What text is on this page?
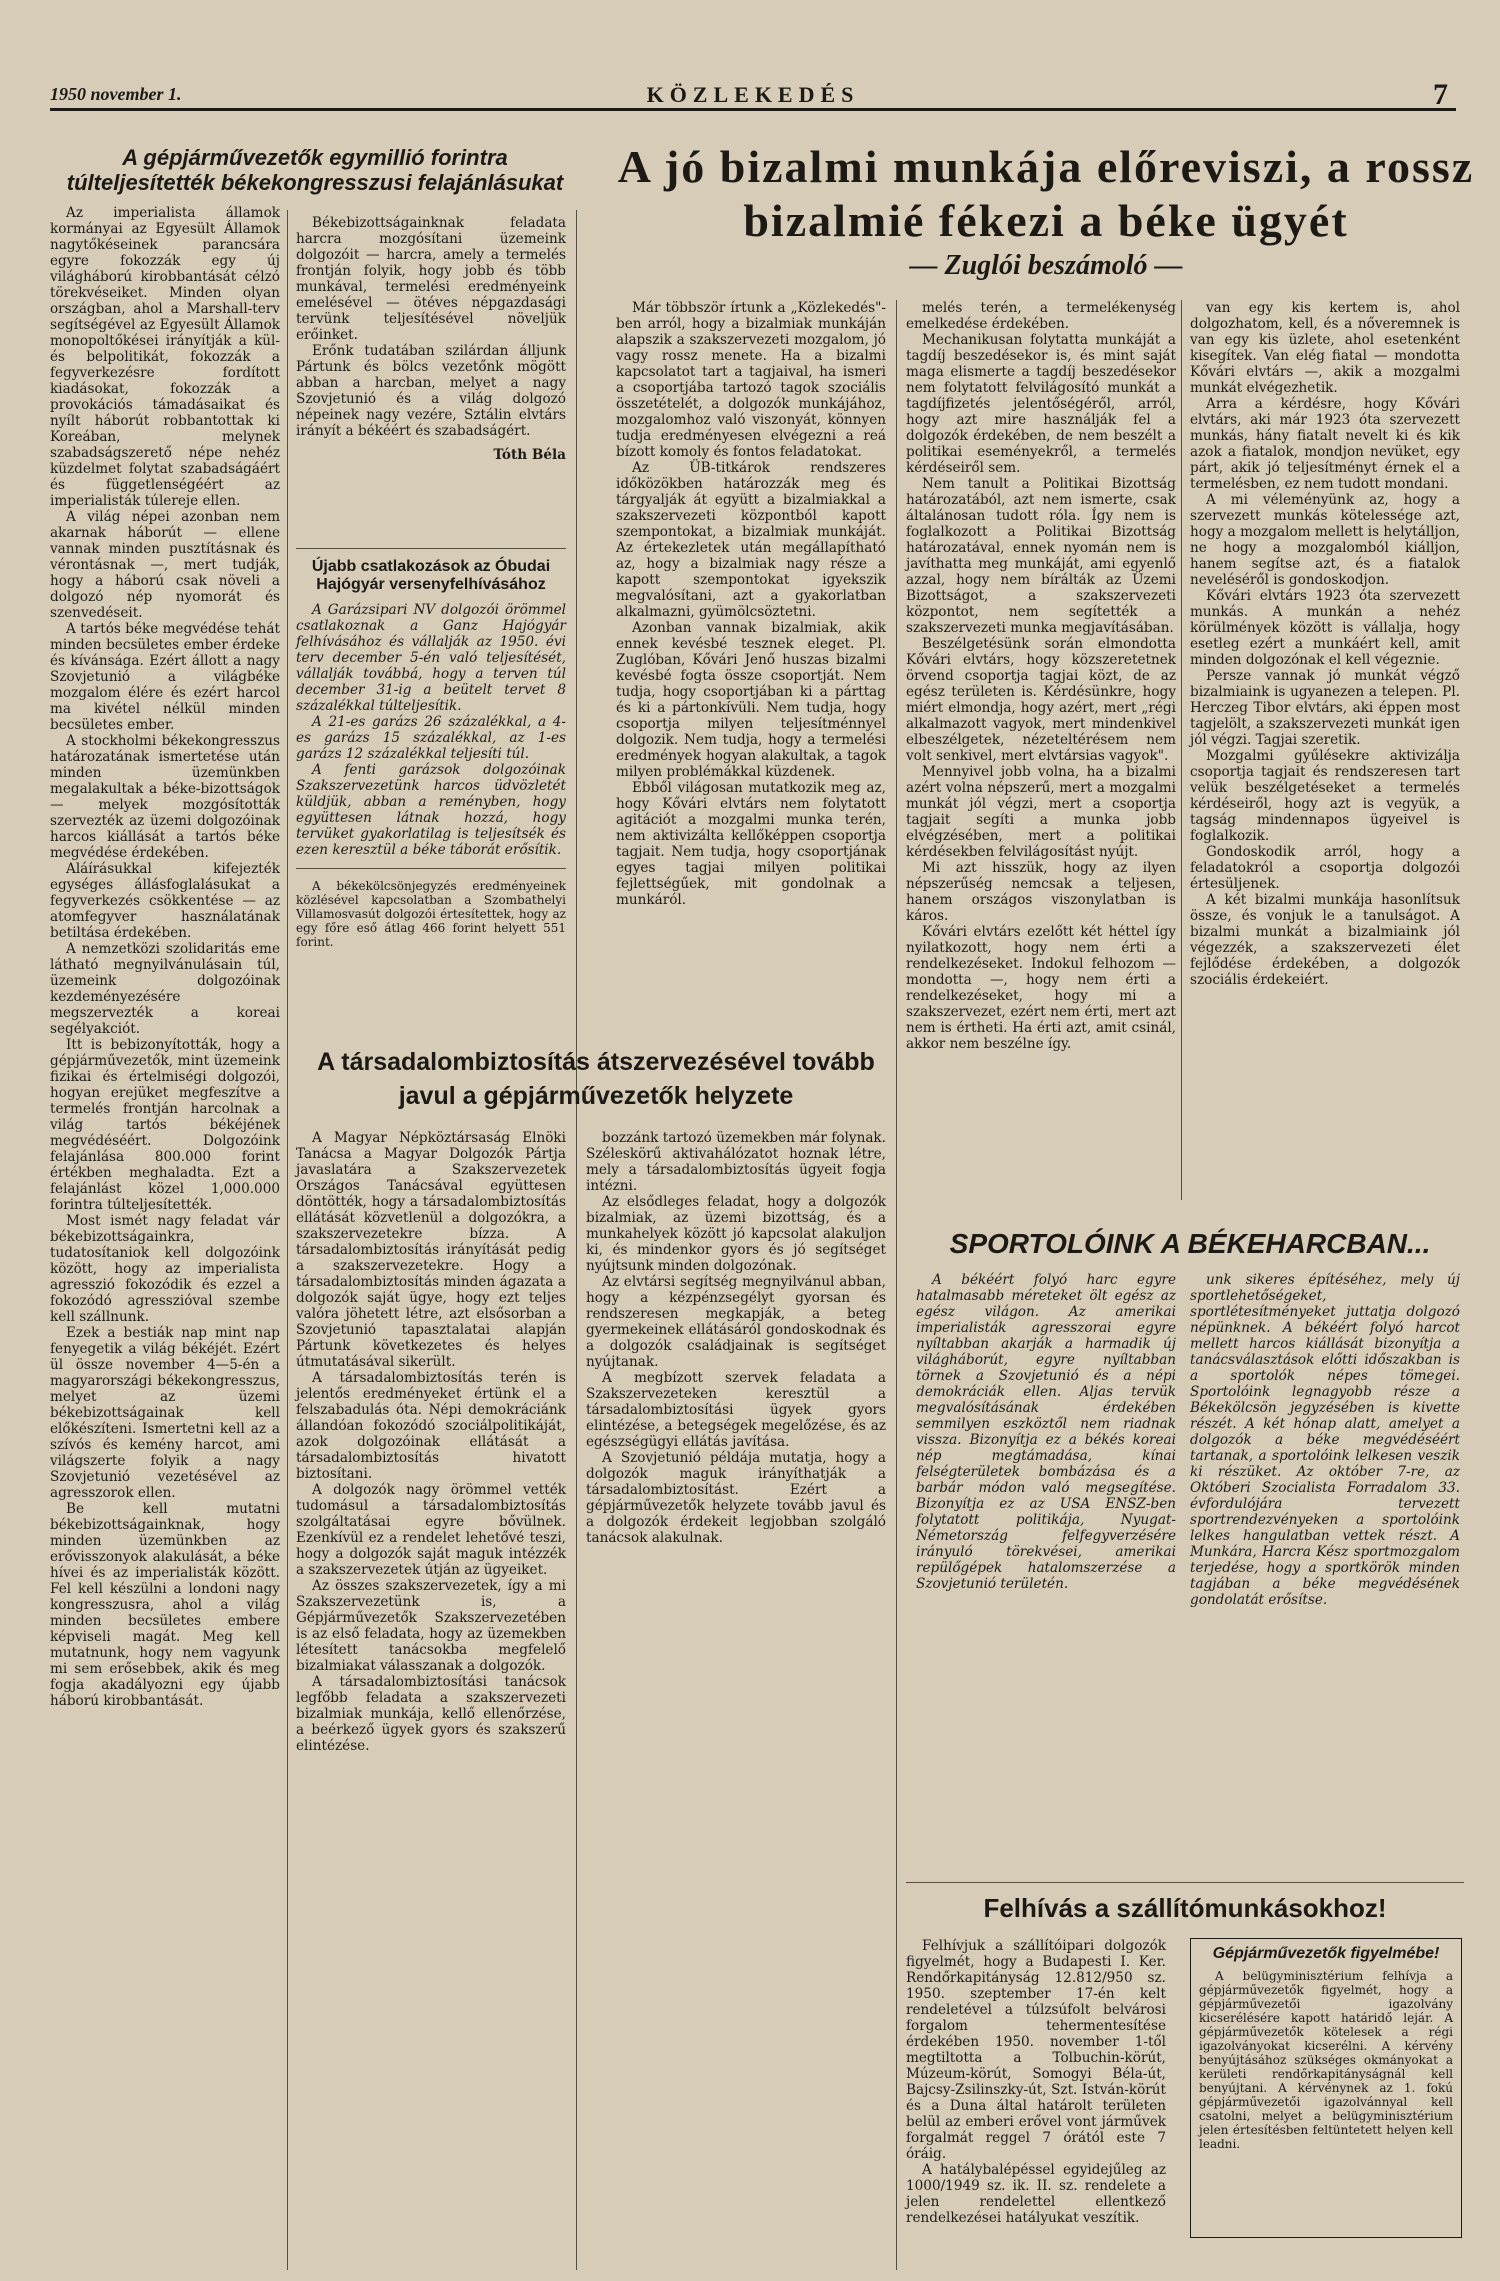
1950 november 1.	KÖZLEKEDÉS	7
A gépjárművezetők egymillió forintra túlteljesítették békekongresszusi felajánlásukat

Az imperialista államok kormányai az Egyesült Államok nagytőkéseinek parancsára egyre fokozzák egy új világháború kirobbantását célzó törekvéseiket. Minden olyan országban, ahol a Marshall-terv segítségével az Egyesült Államok monopoltőkései irányítják a kül- és belpolitikát, fokozzák a fegyverkezésre fordított kiadásokat, fokozzák a provokációs támadásaikat és nyílt háborút robbantottak ki Koreában, melynek szabadságszerető népe nehéz küzdelmet folytat szabadságáért és függetlenségéért az imperialisták túlereje ellen.

A világ népei azonban nem akarnak háborút — ellene vannak minden pusztításnak és vérontásnak —, mert tudják, hogy a háború csak növeli a dolgozó nép nyomorát és szenvedéseit.

A tartós béke megvédése tehát minden becsületes ember érdeke és kívánsága. Ezért állott a nagy Szovjetunió a világbéke mozgalom élére és ezért harcol ma kivétel nélkül minden becsületes ember.

A stockholmi békekongresszus határozatának ismertetése után minden üzemünkben megalakultak a béke-bizottságok — melyek mozgósították szervezték az üzemi dolgozóinak harcos kiállását a tartós béke megvédése érdekében.

Aláírásukkal kifejezték egységes állásfoglalásukat a fegyverkezés csökkentése — az atomfegyver használatának betiltása érdekében.

A nemzetközi szolidaritás eme látható megnyilvánulásain túl, üzemeink dolgozóinak kezdeményezésére megszervezték a koreai segélyakciót.

Itt is bebizonyították, hogy a gépjárművezetők, mint üzemeink fizikai és értelmiségi dolgozói, hogyan erejüket megfeszítve a termelés frontján harcolnak a világ tartós békéjének megvédéséért. Dolgozóink felajánlása 800.000 forint értékben meghaladta. Ezt a felajánlást közel 1,000.000 forintra túlteljesítették.

Most ismét nagy feladat vár békebizottságainkra, tudatosítaniok kell dolgozóink között, hogy az imperialista agresszió fokozódik és ezzel a fokozódó agresszióval szembe kell szállnunk.

Ezek a bestiák nap mint nap fenyegetik a világ békéjét. Ezért ül össze november 4—5-én a magyarországi békekongresszus, melyet az üzemi békebizottságainak kell előkészíteni. Ismertetni kell az a szívós és kemény harcot, ami világszerte folyik a nagy Szovjetunió vezetésével az agresszorok ellen.

Be kell mutatni békebizottságainknak, hogy minden üzemünkben az erővisszonyok alakulását, a béke hívei és az imperialisták között. Fel kell készülni a londoni nagy kongresszusra, ahol a világ minden becsületes embere képviseli magát. Meg kell mutatnunk, hogy nem vagyunk mi sem erősebbek, akik és meg fogja akadályozni egy újabb háború kirobbantását.

Békebizottságainknak feladata harcra mozgósítani üzemeink dolgozóit — harcra, amely a termelés frontján folyik, hogy jobb és több munkával, termelési eredményeink emelésével — ötéves népgazdasági tervünk teljesítésével növeljük erőinket.

Erőnk tudatában szilárdan álljunk Pártunk és bölcs vezetőnk mögött abban a harcban, melyet a nagy Szovjetunió és a világ dolgozó népeinek nagy vezére, Sztálin elvtárs irányít a békéért és szabadságért.

Tóth Béla
Újabb csatlakozások az Óbudai Hajógyár versenyfelhívásához

A Garázsipari NV dolgozói örömmel csatlakoznak a Ganz Hajógyár felhívásához és vállalják az 1950. évi terv december 5-én való teljesítését, vállalják továbbá, hogy a terven túl december 31-ig a beütelt tervet 8 százalékkal túlteljesítik.

A 21-es garázs 26 százalékkal, a 4-es garázs 15 százalékkal, az 1-es garázs 12 százalékkal teljesíti túl.

A fenti garázsok dolgozóinak Szakszervezetünk harcos üdvözletét küldjük, abban a reményben, hogy együttesen látnak hozzá, hogy tervüket gyakorlatilag is teljesítsék és ezen keresztül a béke táborát erősítik.

A békekölcsönjegyzés eredményeinek közlésével kapcsolatban a Szombathelyi Villamosvasút dolgozói értesítettek, hogy az egy főre eső átlag 466 forint helyett 551 forint.

A társadalombiztosítás átszervezésével tovább javul a gépjárművezetők helyzete

A Magyar Népköztársaság Elnöki Tanácsa a Magyar Dolgozók Pártja javaslatára a Szakszervezetek Országos Tanácsával együttesen döntötték, hogy a társadalombiztosítás ellátását közvetlenül a dolgozókra, a szakszervezetekre bízza. A társadalombiztosítás irányítását pedig a szakszervezetekre. Hogy a társadalombiztosítás minden ágazata a dolgozók saját ügye, hogy ezt teljes valóra jöhetett létre, azt elsősorban a Szovjetunió tapasztalatai alapján Pártunk következetes és helyes útmutatásával sikerült.

A társadalombiztosítás terén is jelentős eredményeket értünk el a felszabadulás óta. Népi demokráciánk állandóan fokozódó szociálpolitikáját, azok dolgozóinak ellátását a társadalombiztosítás hivatott biztosítani.

A dolgozók nagy örömmel vették tudomásul a társadalombiztosítás szolgáltatásai egyre bővülnek. Ezenkívül ez a rendelet lehetővé teszi, hogy a dolgozók saját maguk intézzék a szakszervezetek útján az ügyeiket.

Az összes szakszervezetek, így a mi Szakszervezetünk is, a Gépjárművezetők Szakszervezetében is az első feladata, hogy az üzemekben létesített tanácsokba megfelelő bizalmiakat válasszanak a dolgozók.

A társadalombiztosítási tanácsok legfőbb feladata a szakszervezeti bizalmiak munkája, kellő ellenőrzése, a beérkező ügyek gyors és szakszerű elintézése.

bozzánk tartozó üzemekben már folynak. Széleskörű aktivahálózatot hoznak létre, mely a társadalombiztosítás ügyeit fogja intézni.

Az elsődleges feladat, hogy a dolgozók bizalmiak, az üzemi bizottság, és a munkahelyek között jó kapcsolat alakuljon ki, és mindenkor gyors és jó segítséget nyújtsunk minden dolgozónak.

Az elvtársi segítség megnyilvánul abban, hogy a kézpénzsegélyt gyorsan és rendszeresen megkapják, a beteg gyermekeinek ellátásáról gondoskodnak és a dolgozók családjainak is segítséget nyújtanak.

A megbízott szervek feladata a Szakszervezeteken keresztül a társadalombiztosítási ügyek gyors elintézése, a betegségek megelőzése, és az egészségügyi ellátás javítása.

A Szovjetunió példája mutatja, hogy a dolgozók maguk irányíthatják a társadalombiztosítást. Ezért a gépjárművezetők helyzete tovább javul és a dolgozók érdekeit legjobban szolgáló tanácsok alakulnak.

A jó bizalmi munkája előreviszi, a rossz bizalmié fékezi a béke ügyét
— Zuglói beszámoló —

Már többször írtunk a „Közlekedés"-ben arról, hogy a bizalmiak munkáján alapszik a szakszervezeti mozgalom, jó vagy rossz menete. Ha a bizalmi kapcsolatot tart a tagjaival, ha ismeri a csoportjába tartozó tagok szociális összetételét, a dolgozók munkájához, mozgalomhoz való viszonyát, könnyen tudja eredményesen elvégezni a reá bízott komoly és fontos feladatokat.

Az ÜB-titkárok rendszeres időközökben határozzák meg és tárgyalják át együtt a bizalmiakkal a szakszervezeti központból kapott szempontokat, a bizalmiak munkáját. Az értekezletek után megállapítható az, hogy a bizalmiak nagy része a kapott szempontokat igyekszik megvalósítani, azt a gyakorlatban alkalmazni, gyümölcsöztetni.

Azonban vannak bizalmiak, akik ennek kevésbé tesznek eleget. Pl. Zuglóban, Kővári Jenő huszas bizalmi kevésbé fogta össze csoportját. Nem tudja, hogy csoportjában ki a párttag és ki a pártonkívüli. Nem tudja, hogy csoportja milyen teljesítménnyel dolgozik. Nem tudja, hogy a termelési eredmények hogyan alakultak, a tagok milyen problémákkal küzdenek.

Ebből világosan mutatkozik meg az, hogy Kővári elvtárs nem folytatott agitációt a mozgalmi munka terén, nem aktivizálta kellőképpen csoportja tagjait. Nem tudja, hogy csoportjának egyes tagjai milyen politikai fejlettségűek, mit gondolnak a munkáról.

melés terén, a termelékenység emelkedése érdekében.

Mechanikusan folytatta munkáját a tagdíj beszedésekor is, és mint saját maga elismerte a tagdíj beszedésekor nem folytatott felvilágosító munkát a tagdíjfizetés jelentőségéről, arról, hogy azt mire használják fel a dolgozók érdekében, de nem beszélt a politikai eseményekről, a termelés kérdéseiről sem.

Nem tanult a Politikai Bizottság határozatából, azt nem ismerte, csak általánosan tudott róla. Így nem is foglalkozott a Politikai Bizottság határozatával, ennek nyomán nem is javíthatta meg munkáját, ami egyenlő azzal, hogy nem bírálták az Üzemi Bizottságot, a szakszervezeti központot, nem segítették a szakszervezeti munka megjavításában.

Beszélgetésünk során elmondotta Kővári elvtárs, hogy közszeretetnek örvend csoportja tagjai közt, de az egész területen is. Kérdésünkre, hogy miért elmondja, hogy azért, mert „régi alkalmazott vagyok, mert mindenkivel elbeszélgetek, nézeteltérésem nem volt senkivel, mert elvtársias vagyok".

Mennyivel jobb volna, ha a bizalmi azért volna népszerű, mert a mozgalmi munkát jól végzi, mert a csoportja tagjait segíti a munka jobb elvégzésében, mert a politikai kérdésekben felvilágosítást nyújt.

Mi azt hisszük, hogy az ilyen népszerűség nemcsak a teljesen, hanem országos viszonylatban is káros.

Kővári elvtárs ezelőtt két héttel így nyilatkozott, hogy nem érti a rendelkezéseket. Indokul felhozom — mondotta —, hogy nem érti a rendelkezéseket, hogy mi a szakszervezet, ezért nem érti, mert azt nem is értheti. Ha érti azt, amit csinál, akkor nem beszélne így.

van egy kis kertem is, ahol dolgozhatom, kell, és a nőveremnek is van egy kis üzlete, ahol esetenként kisegítek. Van elég fiatal — mondotta Kővári elvtárs —, akik a mozgalmi munkát elvégezhetik.

Arra a kérdésre, hogy Kővári elvtárs, aki már 1923 óta szervezett munkás, hány fiatalt nevelt ki és kik azok a fiatalok, mondjon nevüket, egy párt, akik jó teljesítményt érnek el a termelésben, ez nem tudott mondani.

A mi véleményünk az, hogy a szervezett munkás kötelessége azt, hogy a mozgalom mellett is helytálljon, ne hogy a mozgalomból kiálljon, hanem segítse azt, és a fiatalok neveléséről is gondoskodjon.

Kővári elvtárs 1923 óta szervezett munkás. A munkán a nehéz körülmények között is vállalja, hogy esetleg ezért a munkáért kell, amit minden dolgozónak el kell végeznie.

Persze vannak jó munkát végző bizalmiaink is ugyanezen a telepen. Pl. Herczeg Tibor elvtárs, aki éppen most tagjelölt, a szakszervezeti munkát igen jól végzi. Tagjai szeretik.

Mozgalmi gyűlésekre aktivizálja csoportja tagjait és rendszeresen tart velük beszélgetéseket a termelés kérdéseiről, hogy azt is vegyük, a tagság mindennapos ügyeivel is foglalkozik.

Gondoskodik arról, hogy a feladatokról a csoportja dolgozói értesüljenek.

A két bizalmi munkája hasonlítsuk össze, és vonjuk le a tanulságot. A bizalmi munkát a bizalmiaink jól végezzék, a szakszervezeti élet fejlődése érdekében, a dolgozók szociális érdekeiért.

SPORTOLÓINK A BÉKEHARCBAN...

A békéért folyó harc egyre hatalmasabb méreteket ölt egész az egész világon. Az amerikai imperialisták agresszorai egyre nyíltabban akarják a harmadik új világháborút, egyre nyíltabban törnek a Szovjetunió és a népi demokráciák ellen. Aljas tervük megvalósításának érdekében semmilyen eszköztől nem riadnak vissza. Bizonyítja ez a békés koreai nép megtámadása, kínai felségterületek bombázása és a barbár módon való megsegítése. Bizonyítja ez az USA ENSZ-ben folytatott politikája, Nyugat-Németország felfegyverzésére irányuló törekvései, amerikai repülőgépek hatalomszerzése a Szovjetunió területén.

unk sikeres építéséhez, mely új sportlehetőségeket, sportlétesítményeket juttatja dolgozó népünknek. A békéért folyó harcot mellett harcos kiállását bizonyítja a tanácsválasztások előtti időszakban is a sportolók népes tömegei. Sportolóink legnagyobb része a Békekölcsön jegyzésében is kivette részét. A két hónap alatt, amelyet a dolgozók a béke megvédéséért tartanak, a sportolóink lelkesen veszik ki részüket. Az október 7-re, az Októberi Szocialista Forradalom 33. évfordulójára tervezett sportrendezvényeken a sportolóink lelkes hangulatban vettek részt. A Munkára, Harcra Kész sportmozgalom terjedése, hogy a sportkörök minden tagjában a béke megvédésének gondolatát erősítse.

Felhívás a szállítómunkásokhoz!

Felhívjuk a szállítóipari dolgozók figyelmét, hogy a Budapesti I. Ker. Rendőrkapitányság 12.812/950 sz. 1950. szeptember 17-én kelt rendeletével a túlzsúfolt belvárosi forgalom tehermentesítése érdekében 1950. november 1-től megtiltotta a Tolbuchin-körút, Múzeum-körút, Somogyi Béla-út, Bajcsy-Zsilinszky-út, Szt. István-körút és a Duna által határolt területen belül az emberi erővel vont járművek forgalmát reggel 7 órától este 7 óráig.

A hatálybalépéssel egyidejűleg az 1000/1949 sz. ik. II. sz. rendelete a jelen rendelettel ellentkező rendelkezései hatályukat veszítik.

Gépjárművezetők figyelmébe!

A belügyminisztérium felhívja a gépjárművezetők figyelmét, hogy a gépjárművezetői igazolvány kicserélésére kapott határidő lejár. A gépjárművezetők kötelesek a régi igazolványokat kicserélni. A kérvény benyújtásához szükséges okmányokat a kerületi rendőrkapitányságnál kell benyújtani. A kérvénynek az 1. fokú gépjárművezetői igazolvánnyal kell csatolni, melyet a belügyminisztérium jelen értesítésben feltüntetett helyen kell leadni.
